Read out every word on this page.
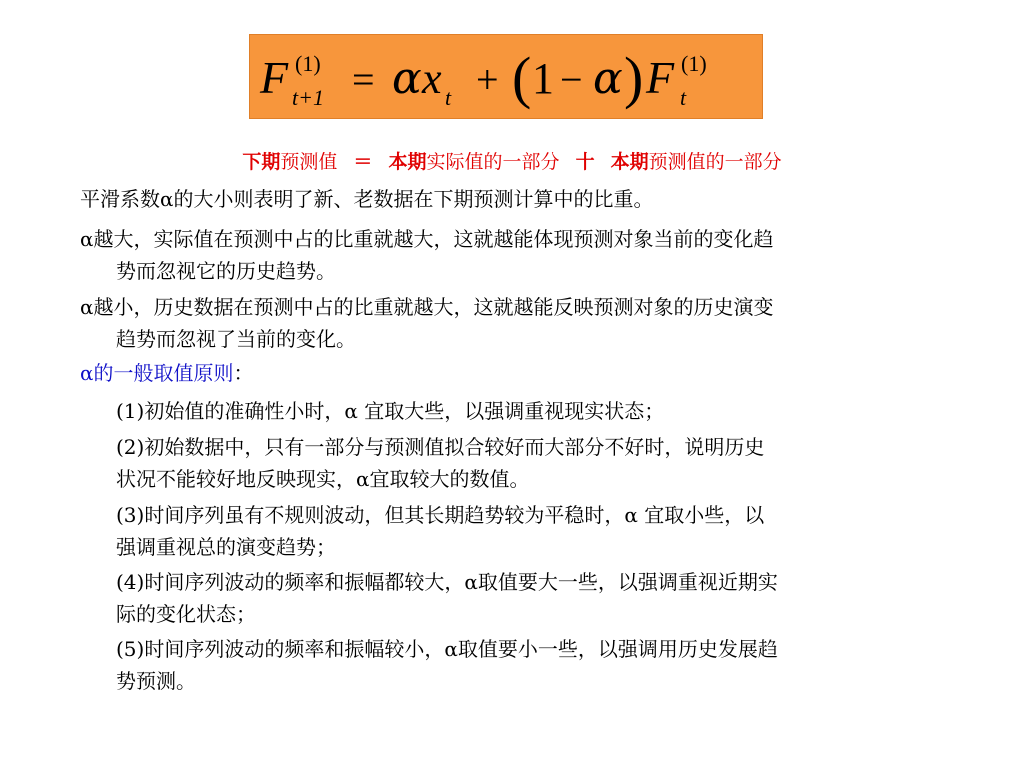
F (1)
t+1 = α x t + ( 1 − α ) F (1)
t
下期预测值 ＝ 本期实际值的一部分 十 本期预测值的一部分

平滑系数α的大小则表明了新、老数据在下期预测计算中的比重。

α越大，实际值在预测中占的比重就越大，这就越能体现预测对象当前的变化趋
势而忽视它的历史趋势。

α越小，历史数据在预测中占的比重就越大，这就越能反映预测对象的历史演变
趋势而忽视了当前的变化。

α的一般取值原则：

(1)初始值的准确性小时，α 宜取大些，以强调重视现实状态；

(2)初始数据中，只有一部分与预测值拟合较好而大部分不好时，说明历史
状况不能较好地反映现实，α宜取较大的数值。

(3)时间序列虽有不规则波动，但其长期趋势较为平稳时，α 宜取小些，以
强调重视总的演变趋势；

(4)时间序列波动的频率和振幅都较大，α取值要大一些，以强调重视近期实
际的变化状态；

(5)时间序列波动的频率和振幅较小，α取值要小一些，以强调用历史发展趋
势预测。
